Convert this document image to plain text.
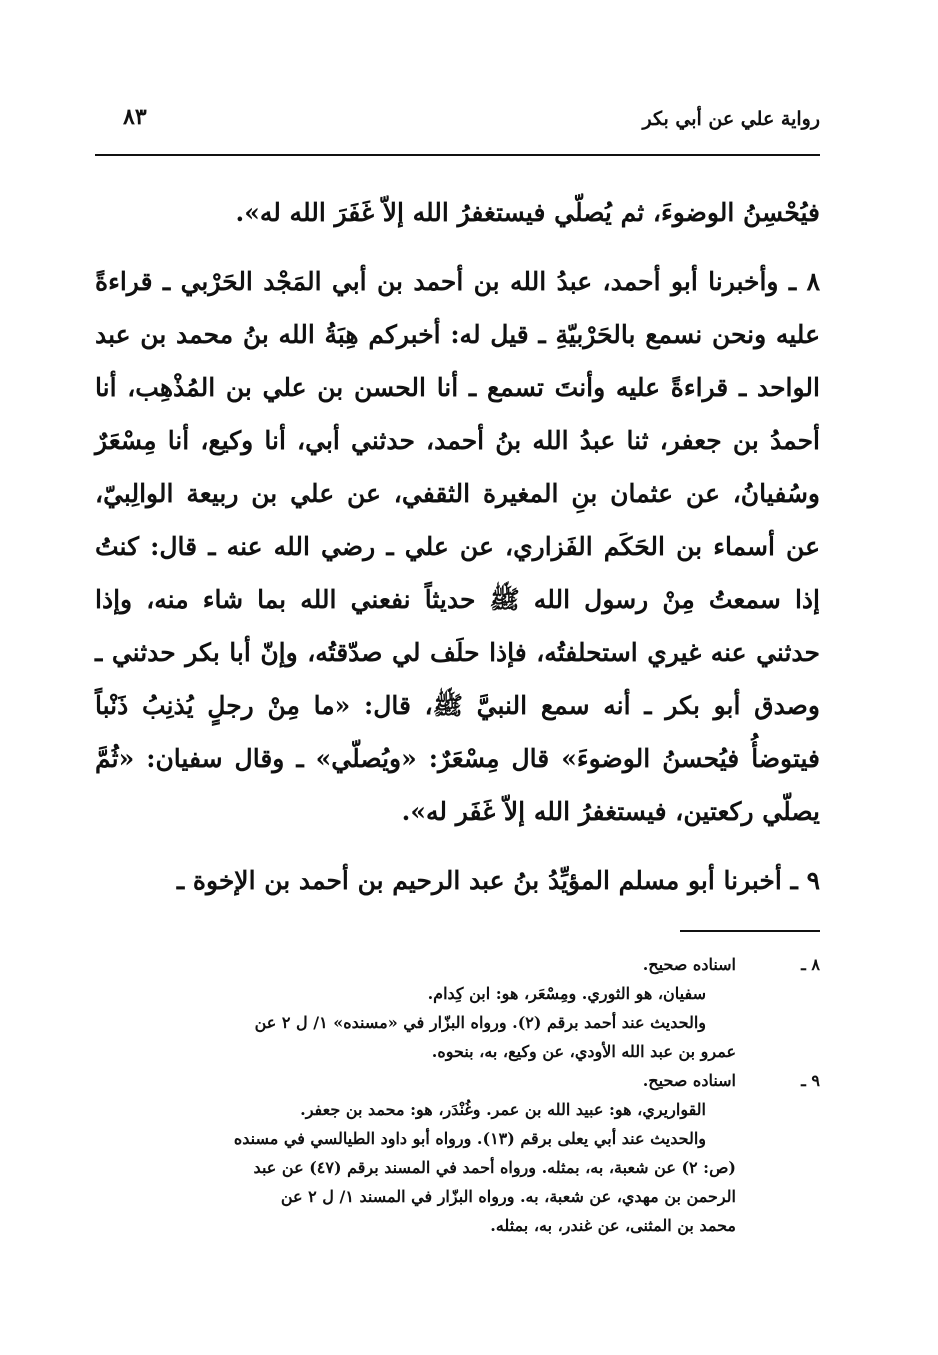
رواية علي عن أبي بكر
٨٣

فيُحْسِنُ الوضوءَ، ثم يُصلّي فيستغفرُ الله إلاّ غَفَرَ الله له».

٨ ـ وأخبرنا أبو أحمد، عبدُ الله بن أحمد بن أبي المَجْد الحَرْبي ـ قراءةً عليه ونحن نسمع بالحَرْبيّةِ ـ قيل له: أخبركم هِبَةُ الله بنُ محمد بن عبد الواحد ـ قراءةً عليه وأنتَ تسمع ـ أنا الحسن بن علي بن المُذْهِب، أنا أحمدُ بن جعفر، ثنا عبدُ الله بنُ أحمد، حدثني أبي، أنا وكيع، أنا مِسْعَرٌ وسُفيانُ، عن عثمان بنِ المغيرة الثقفي، عن علي بن ربيعة الوالِبيّ، عن أسماء بن الحَكَم الفَزاري، عن علي ـ رضي الله عنه ـ قال: كنتُ إذا سمعتُ مِنْ رسول الله ﷺ حديثاً نفعني الله بما شاء منه، وإذا حدثني عنه غيري استحلفتُه، فإذا حلَف لي صدّقتُه، وإنّ أبا بكر حدثني ـ وصدق أبو بكر ـ أنه سمع النبيَّ ﷺ، قال: «ما مِنْ رجلٍ يُذنِبُ ذَنْباً فيتوضأُ فيُحسنُ الوضوءَ» قال مِسْعَرٌ: «ويُصلّي» ـ وقال سفيان: «ثُمَّ يصلّي ركعتين، فيستغفرُ الله إلاّ غَفَر له».

٩ ـ أخبرنا أبو مسلم المؤيِّدُ بنُ عبد الرحيم بن أحمد بن الإخوة ـ

٨ ـ

اسناده صحيح.

سفيان، هو الثوري. ومِسْعَر، هو: ابن كِدام.

والحديث عند أحمد برقم (٢). ورواه البزّار في «مسنده» ١/ ل ٢ عن

عمرو بن عبد الله الأودي، عن وكيع، به، بنحوه.

٩ ـ

اسناده صحيح.

القواريري، هو: عبيد الله بن عمر. وغُنْدَر، هو: محمد بن جعفر.

والحديث عند أبي يعلى برقم (١٣). ورواه أبو داود الطيالسي في مسنده

(ص: ٢) عن شعبة، به، بمثله. ورواه أحمد في المسند برقم (٤٧) عن عبد

الرحمن بن مهدي، عن شعبة، به. ورواه البزّار في المسند ١/ ل ٢ عن

محمد بن المثنى، عن غندر، به، بمثله.
